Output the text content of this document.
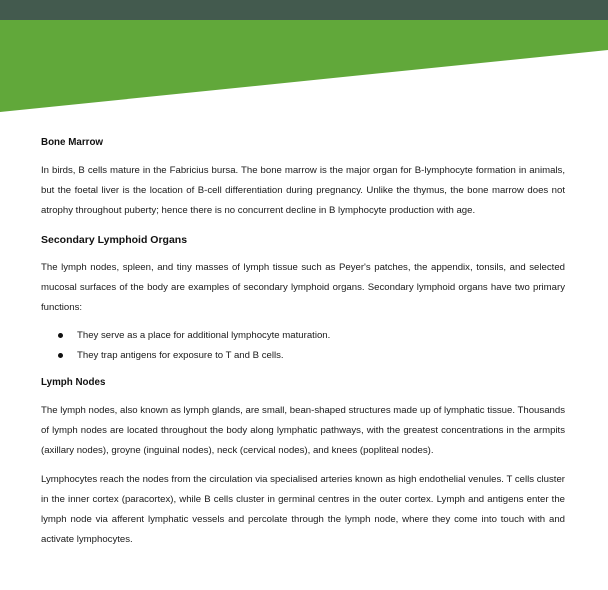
Bone Marrow

In birds, B cells mature in the Fabricius bursa. The bone marrow is the major organ for B-lymphocyte formation in animals, but the foetal liver is the location of B-cell differentiation during pregnancy. Unlike the thymus, the bone marrow does not atrophy throughout puberty; hence there is no concurrent decline in B lymphocyte production with age.

Secondary Lymphoid Organs

The lymph nodes, spleen, and tiny masses of lymph tissue such as Peyer's patches, the appendix, tonsils, and selected mucosal surfaces of the body are examples of secondary lymphoid organs. Secondary lymphoid organs have two primary functions:

They serve as a place for additional lymphocyte maturation.
They trap antigens for exposure to T and B cells.
Lymph Nodes

The lymph nodes, also known as lymph glands, are small, bean-shaped structures made up of lymphatic tissue. Thousands of lymph nodes are located throughout the body along lymphatic pathways, with the greatest concentrations in the armpits (axillary nodes), groyne (inguinal nodes), neck (cervical nodes), and knees (popliteal nodes).

Lymphocytes reach the nodes from the circulation via specialised arteries known as high endothelial venules. T cells cluster in the inner cortex (paracortex), while B cells cluster in germinal centres in the outer cortex. Lymph and antigens enter the lymph node via afferent lymphatic vessels and percolate through the lymph node, where they come into touch with and activate lymphocytes.
